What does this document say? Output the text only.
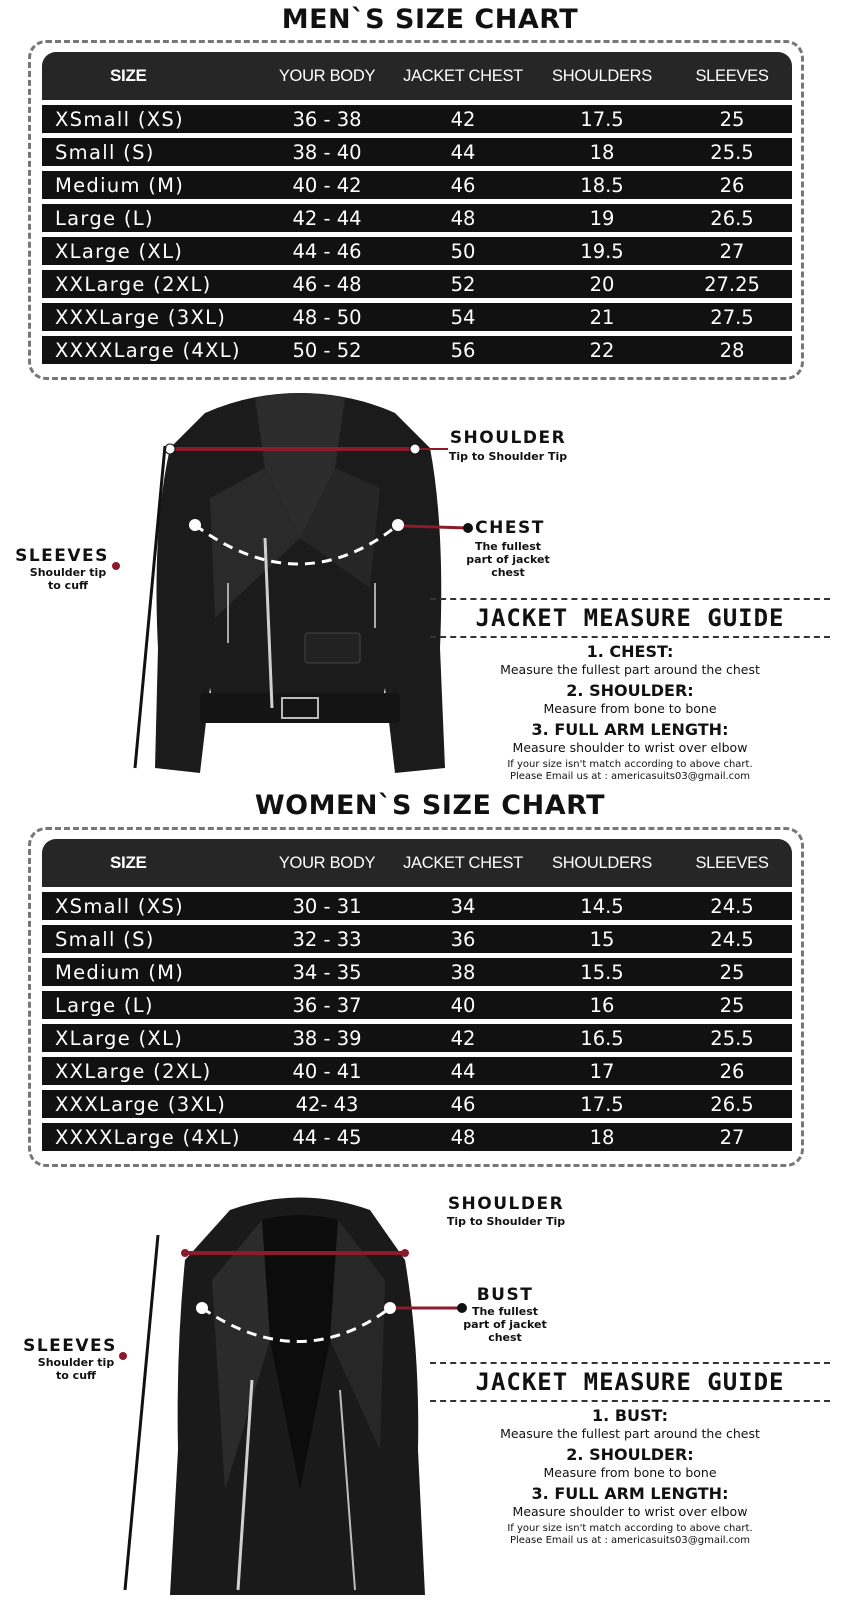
MEN`S SIZE CHART
SIZE	YOUR BODY	JACKET CHEST	SHOULDERS	SLEEVES
XSmall (XS)	36 - 38	42	17.5	25
Small (S)	38 - 40	44	18	25.5
Medium (M)	40 - 42	46	18.5	26
Large (L)	42 - 44	48	19	26.5
XLarge (XL)	44 - 46	50	19.5	27
XXLarge (2XL)	46 - 48	52	20	27.25
XXXLarge (3XL)	48 - 50	54	21	27.5
XXXXLarge (4XL)	50 - 52	56	22	28
SHOULDER
Tip to Shoulder Tip
CHEST
The fullest
part of jacket
chest
SLEEVES
Shoulder tip
to cuff
JACKET MEASURE GUIDE
1. CHEST:
Measure the fullest part around the chest
2. SHOULDER:
Measure from bone to bone
3. FULL ARM LENGTH:
Measure shoulder to wrist over elbow
If your size isn't match according to above chart.
Please Email us at : americasuits03@gmail.com
WOMEN`S SIZE CHART
SIZE	YOUR BODY	JACKET CHEST	SHOULDERS	SLEEVES
XSmall (XS)	30 - 31	34	14.5	24.5
Small (S)	32 - 33	36	15	24.5
Medium (M)	34 - 35	38	15.5	25
Large (L)	36 - 37	40	16	25
XLarge (XL)	38 - 39	42	16.5	25.5
XXLarge (2XL)	40 - 41	44	17	26
XXXLarge (3XL)	42- 43	46	17.5	26.5
XXXXLarge (4XL)	44 - 45	48	18	27
SHOULDER
Tip to Shoulder Tip
BUST
The fullest
part of jacket
chest
SLEEVES
Shoulder tip
to cuff	JACKET MEASURE GUIDE
1. BUST:
Measure the fullest part around the chest
2. SHOULDER:
Measure from bone to bone
3. FULL ARM LENGTH:
Measure shoulder to wrist over elbow
If your size isn't match according to above chart.
Please Email us at : americasuits03@gmail.com
